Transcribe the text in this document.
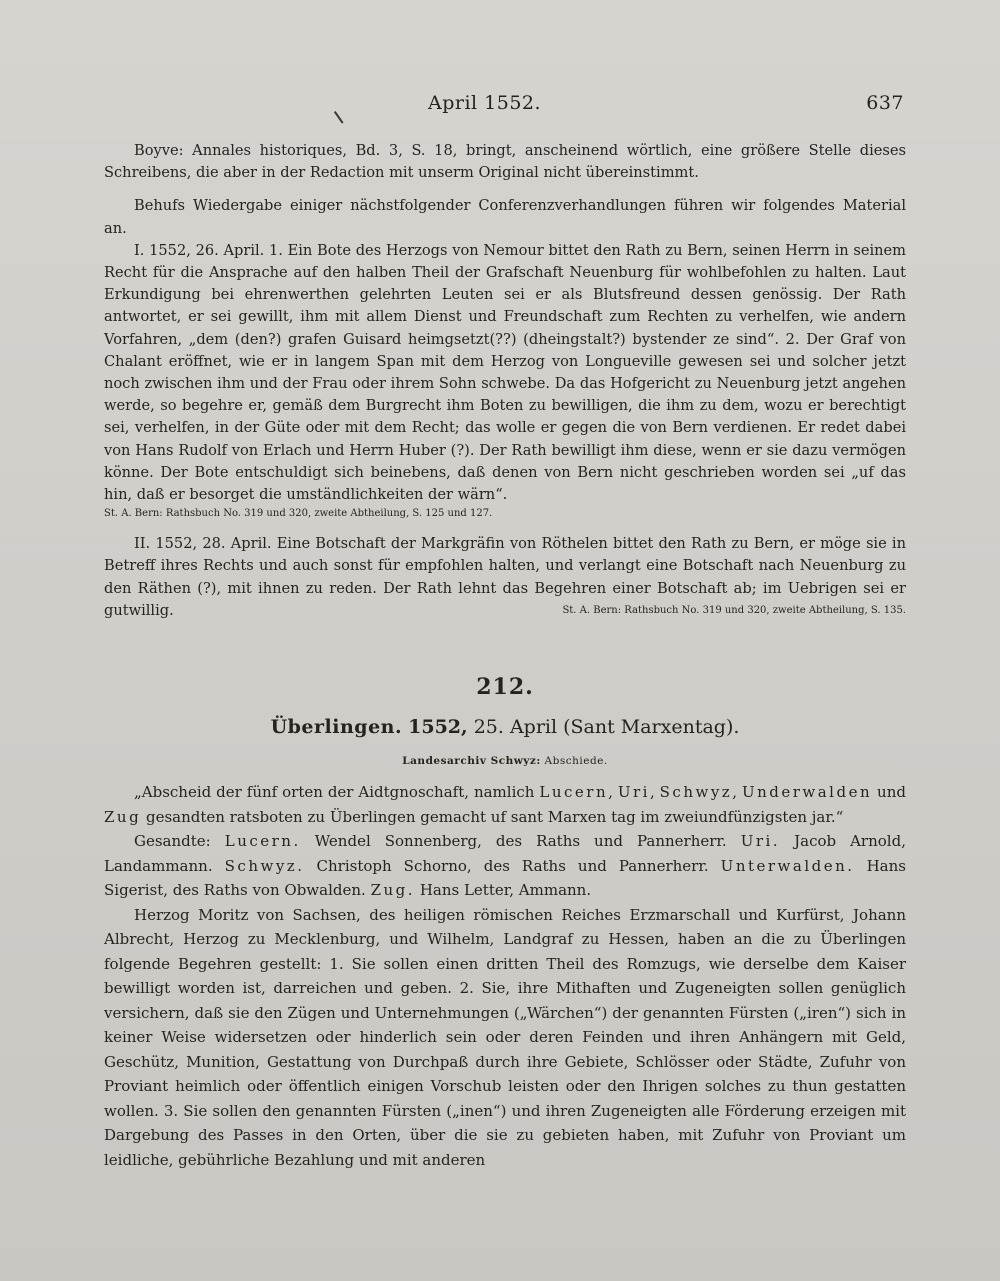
April 1552.	637

Boyve: Annales historiques, Bd. 3, S. 18, bringt, anscheinend wörtlich, eine größere Stelle dieses Schreibens, die aber in der Redaction mit unserm Original nicht übereinstimmt.

Behufs Wiedergabe einiger nächstfolgender Conferenzverhandlungen führen wir folgendes Material an.

I. 1552, 26. April. 1. Ein Bote des Herzogs von Nemour bittet den Rath zu Bern, seinen Herrn in seinem Recht für die Ansprache auf den halben Theil der Grafschaft Neuenburg für wohlbefohlen zu halten. Laut Erkundigung bei ehrenwerthen gelehrten Leuten sei er als Blutsfreund dessen genössig. Der Rath antwortet, er sei gewillt, ihm mit allem Dienst und Freundschaft zum Rechten zu verhelfen, wie andern Vorfahren, „dem (den?) grafen Guisard heimgsetzt(??) (dheingstalt?) bystender ze sind“. 2. Der Graf von Chalant eröffnet, wie er in langem Span mit dem Herzog von Longueville gewesen sei und solcher jetzt noch zwischen ihm und der Frau oder ihrem Sohn schwebe. Da das Hofgericht zu Neuenburg jetzt angehen werde, so begehre er, gemäß dem Burgrecht ihm Boten zu bewilligen, die ihm zu dem, wozu er berechtigt sei, verhelfen, in der Güte oder mit dem Recht; das wolle er gegen die von Bern verdienen. Er redet dabei von Hans Rudolf von Erlach und Herrn Huber (?). Der Rath bewilligt ihm diese, wenn er sie dazu vermögen könne. Der Bote entschuldigt sich beinebens, daß denen von Bern nicht geschrieben worden sei „uf das hin, daß er besorget die umständlichkeiten der wärn“.

St. A. Bern: Rathsbuch No. 319 und 320, zweite Abtheilung, S. 125 und 127.

II. 1552, 28. April. Eine Botschaft der Markgräfin von Röthelen bittet den Rath zu Bern, er möge sie in Betreff ihres Rechts und auch sonst für empfohlen halten, und verlangt eine Botschaft nach Neuenburg zu den Räthen (?), mit ihnen zu reden. Der Rath lehnt das Begehren einer Botschaft ab; im Uebrigen sei er gutwillig.	St. A. Bern: Rathsbuch No. 319 und 320, zweite Abtheilung, S. 135.

212.
Überlingen. 1552, 25. April (Sant Marxentag).
Landesarchiv Schwyz: Abschiede.

„Abscheid der fünf orten der Aidtgnoschaft, namlich Lucern, Uri, Schwyz, Underwalden und Zug gesandten ratsboten zu Überlingen gemacht uf sant Marxen tag im zweiundfünzigsten jar.“

Gesandte: Lucern. Wendel Sonnenberg, des Raths und Pannerherr. Uri. Jacob Arnold, Landammann. Schwyz. Christoph Schorno, des Raths und Pannerherr. Unterwalden. Hans Sigerist, des Raths von Obwalden. Zug. Hans Letter, Ammann.

Herzog Moritz von Sachsen, des heiligen römischen Reiches Erzmarschall und Kurfürst, Johann Albrecht, Herzog zu Mecklenburg, und Wilhelm, Landgraf zu Hessen, haben an die zu Überlingen folgende Begehren gestellt: 1. Sie sollen einen dritten Theil des Romzugs, wie derselbe dem Kaiser bewilligt worden ist, darreichen und geben. 2. Sie, ihre Mithaften und Zugeneigten sollen genüglich versichern, daß sie den Zügen und Unternehmungen („Wärchen“) der genannten Fürsten („iren“) sich in keiner Weise widersetzen oder hinderlich sein oder deren Feinden und ihren Anhängern mit Geld, Geschütz, Munition, Gestattung von Durchpaß durch ihre Gebiete, Schlösser oder Städte, Zufuhr von Proviant heimlich oder öffentlich einigen Vorschub leisten oder den Ihrigen solches zu thun gestatten wollen. 3. Sie sollen den genannten Fürsten („inen“) und ihren Zugeneigten alle Förderung erzeigen mit Dargebung des Passes in den Orten, über die sie zu gebieten haben, mit Zufuhr von Proviant um leidliche, gebührliche Bezahlung und mit anderen
